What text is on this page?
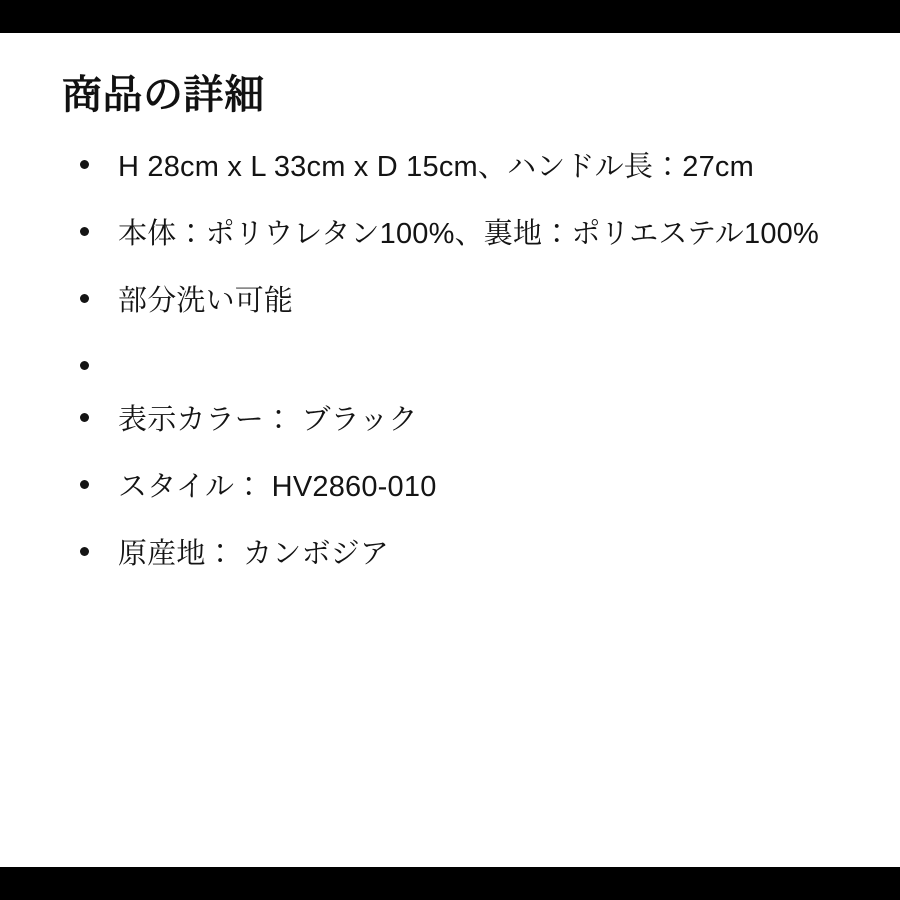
商品の詳細
H 28cm x L 33cm x D 15cm、ハンドル長：27cm
本体：ポリウレタン100%、裏地：ポリエステル100%
部分洗い可能
表示カラー： ブラック
スタイル： HV2860-010
原産地： カンボジア
